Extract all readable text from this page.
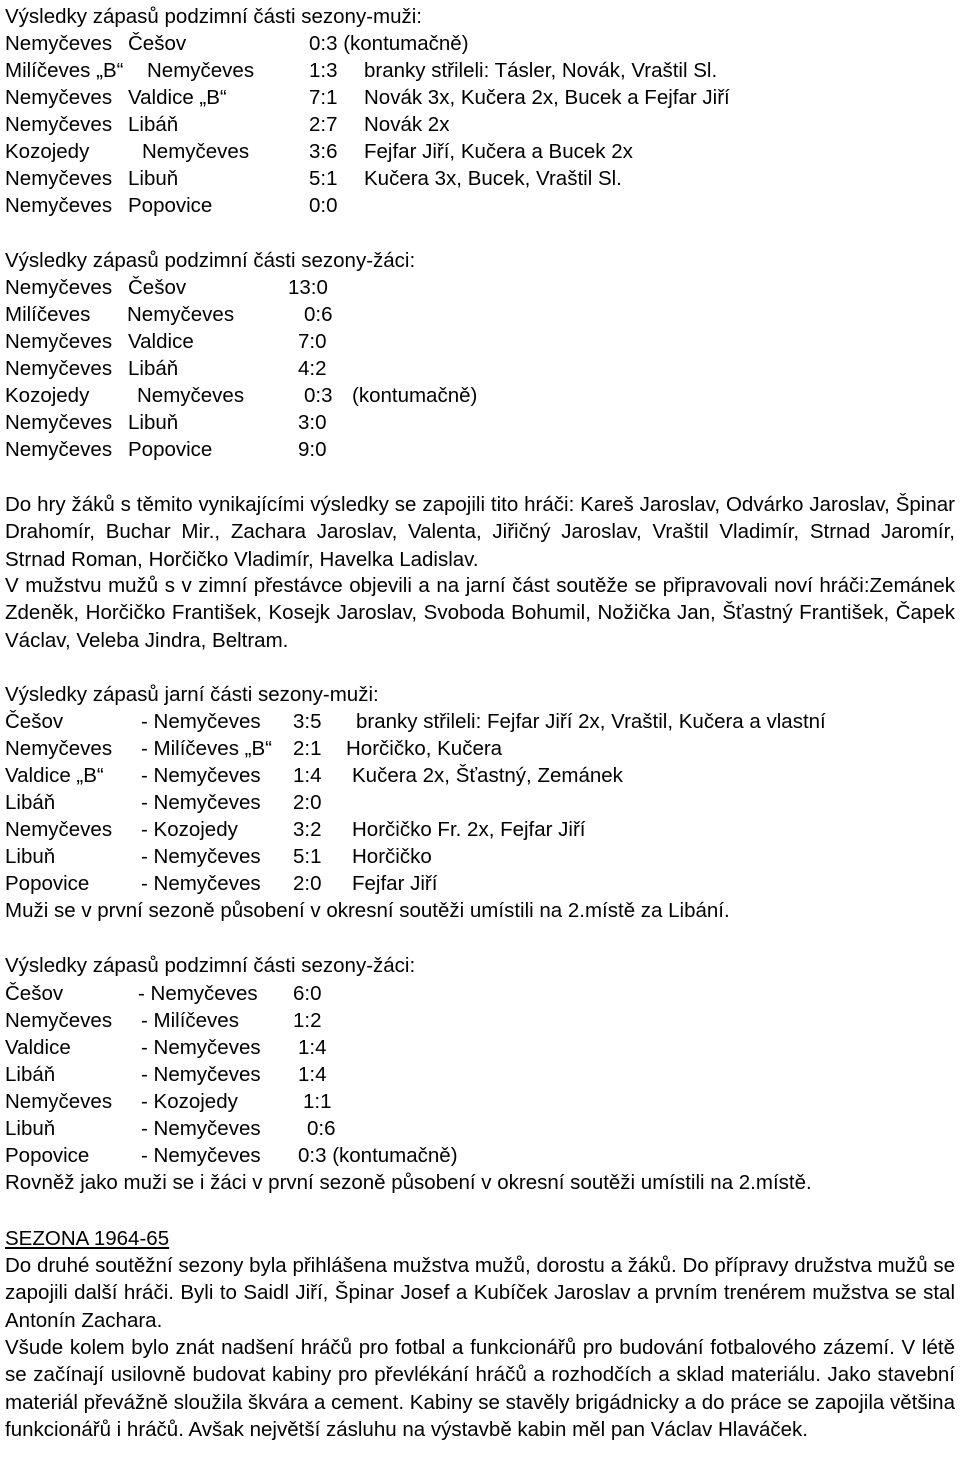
Výsledky zápasů podzimní části sezony-muži:
Nemyčeves Češov	0:3 (kontumačně)
Milíčeves „B“ Nemyčeves	1:3 branky střileli: Tásler, Novák, Vraštil Sl.
Nemyčeves Valdice „B“	7:1 Novák 3x, Kučera 2x, Bucek a Fejfar Jiří
Nemyčeves Libáň	2:7 Novák 2x
Kozojedy	Nemyčeves	3:6 Fejfar Jiří, Kučera a Bucek 2x
Nemyčeves Libuň	5:1 Kučera 3x, Bucek, Vraštil Sl.
Nemyčeves Popovice	0:0
Výsledky zápasů podzimní části sezony-žáci:
Nemyčeves Češov	13:0
Milíčeves Nemyčeves	0:6
Nemyčeves Valdice	7:0
Nemyčeves Libáň	4:2
Kozojedy Nemyčeves	0:3 (kontumačně)
Nemyčeves Libuň	3:0
Nemyčeves Popovice	9:0
Do hry žáků s těmito vynikajícími výsledky se zapojili tito hráči: Kareš Jaroslav, Odvárko Jaroslav, Špinar Drahomír, Buchar Mir., Zachara Jaroslav, Valenta, Jiřičný Jaroslav, Vraštil Vladimír, Strnad Jaromír, Strnad Roman, Horčičko Vladimír, Havelka Ladislav.
V mužstvu mužů s v zimní přestávce objevili a na jarní část soutěže se připravovali noví hráči:Zemánek Zdeněk, Horčičko František, Kosejk Jaroslav, Svoboda Bohumil, Nožička Jan, Šťastný František, Čapek Václav, Veleba Jindra, Beltram.
Výsledky zápasů jarní části sezony-muži:
Češov	- Nemyčeves 3:5 branky střileli: Fejfar Jiří 2x, Vraštil, Kučera a vlastní
Nemyčeves - Milíčeves „B“ 2:1 Horčičko, Kučera
Valdice „B“ - Nemyčeves 1:4 Kučera 2x, Šťastný, Zemánek
Libáň	- Nemyčeves 2:0
Nemyčeves - Kozojedy	3:2 Horčičko Fr. 2x, Fejfar Jiří
Libuň	- Nemyčeves 5:1 Horčičko
Popovice	- Nemyčeves 2:0 Fejfar Jiří
Muži se v první sezoně působení v okresní soutěži umístili na 2.místě za Libání.
Výsledky zápasů podzimní části sezony-žáci:
Češov	- Nemyčeves 6:0
Nemyčeves - Milíčeves	1:2
Valdice	- Nemyčeves 1:4
Libáň	- Nemyčeves 1:4
Nemyčeves - Kozojedy	1:1
Libuň	- Nemyčeves 0:6
Popovice	- Nemyčeves 0:3 (kontumačně)
Rovněž jako muži se i žáci v první sezoně působení v okresní soutěži umístili na 2.místě.
SEZONA 1964-65
Do druhé soutěžní sezony byla přihlášena mužstva mužů, dorostu a žáků. Do přípravy družstva mužů se zapojili další hráči. Byli to Saidl Jiří, Špinar Josef a Kubíček Jaroslav a prvním trenérem mužstva se stal Antonín Zachara.
Všude kolem bylo znát nadšení hráčů pro fotbal a funkcionářů pro budování fotbalového zázemí. V létě se začínají usilovně budovat kabiny pro převlékání hráčů a rozhodčích a sklad materiálu. Jako stavební materiál převážně sloužila škvára a cement. Kabiny se stavěly brigádnicky a do práce se zapojila většina funkcionářů i hráčů. Avšak největší zásluhu na výstavbě kabin měl pan Václav Hlaváček.
